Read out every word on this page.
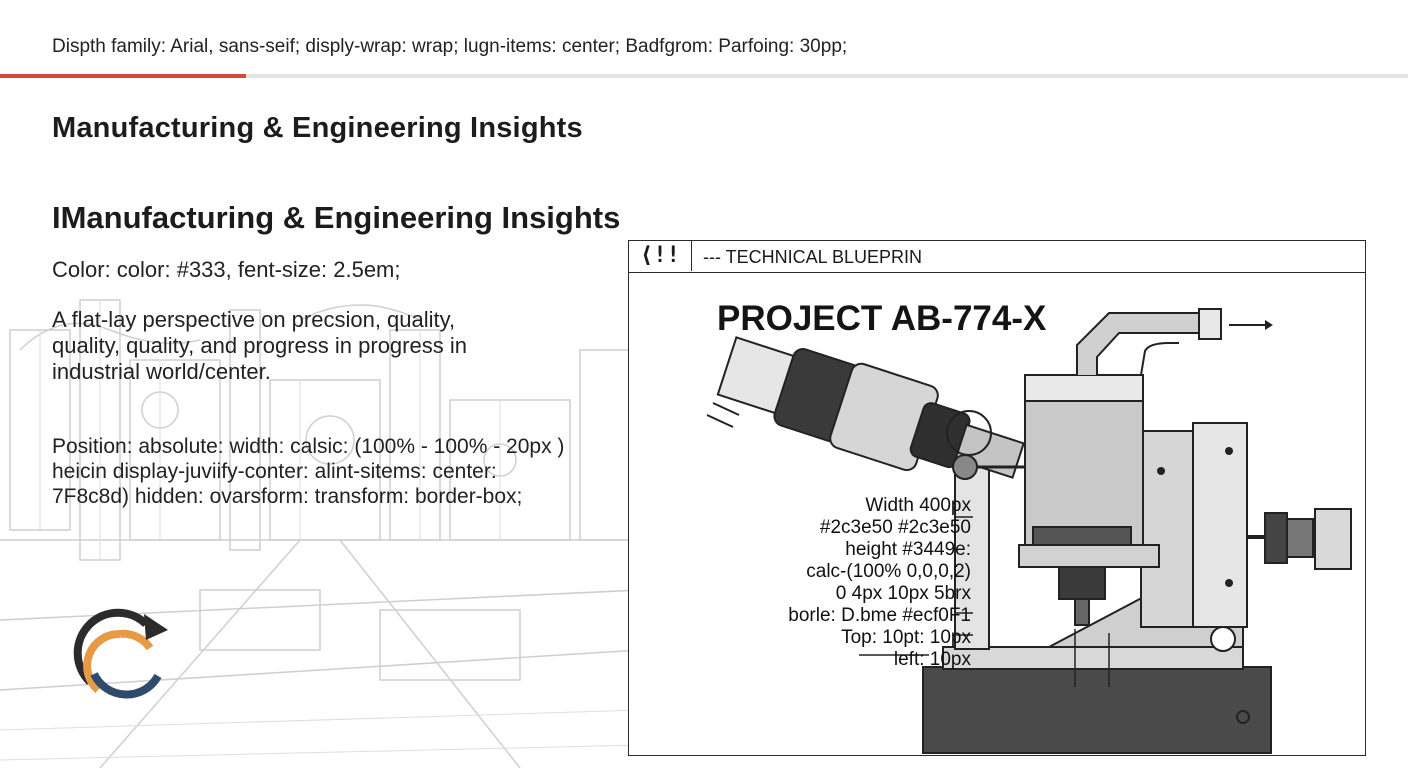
Dispth family: Arial, sans-seif; disply-wrap: wrap; lugn-items: center; Badfgrom: Parfoing: 30pp;
Manufacturing & Engineering Insights
IManufacturing & Engineering Insights
Color: color: #333, fent-size: 2.5em;
A flat-lay perspective on precsion, quality,
quality, quality, and progress in progress in
industrial world/center.
Position: absolute: width: calsic: (100% - 100% - 20px )
heicin display-juviify-conter: alint-sitems: center:
7F8c8d) hidden: ovarsform: transform: border-box;
⟨!!	--- TECHNICAL BLUEPRIN
PROJECT AB-774-X
Width 400px
#2c3e50 #2c3e50
height #3449e:
calc-(100% 0,0,0,2)
0 4px 10px 5brx
borle: D.bme #ecf0F1
Top: 10pt: 10px
left: 10px
